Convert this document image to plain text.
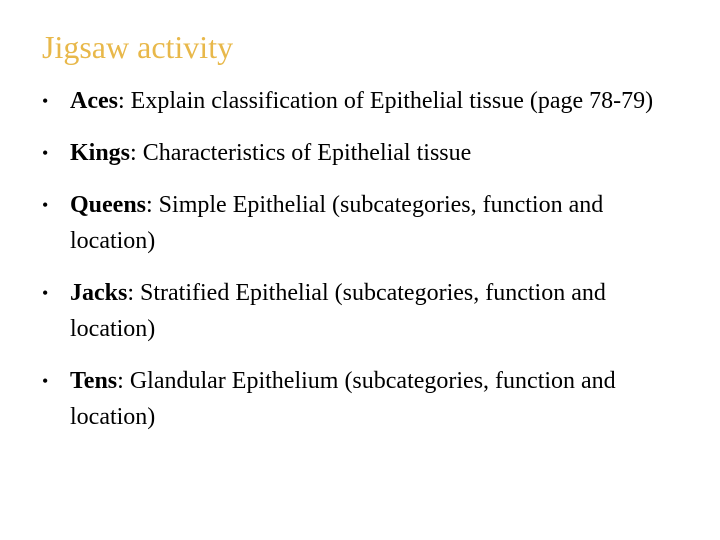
Jigsaw activity
• Aces: Explain classification of Epithelial tissue (page 78-79)
• Kings: Characteristics of Epithelial tissue
• Queens: Simple Epithelial (subcategories, function and location)
• Jacks: Stratified Epithelial (subcategories, function and location)
• Tens: Glandular Epithelium (subcategories, function and location)
